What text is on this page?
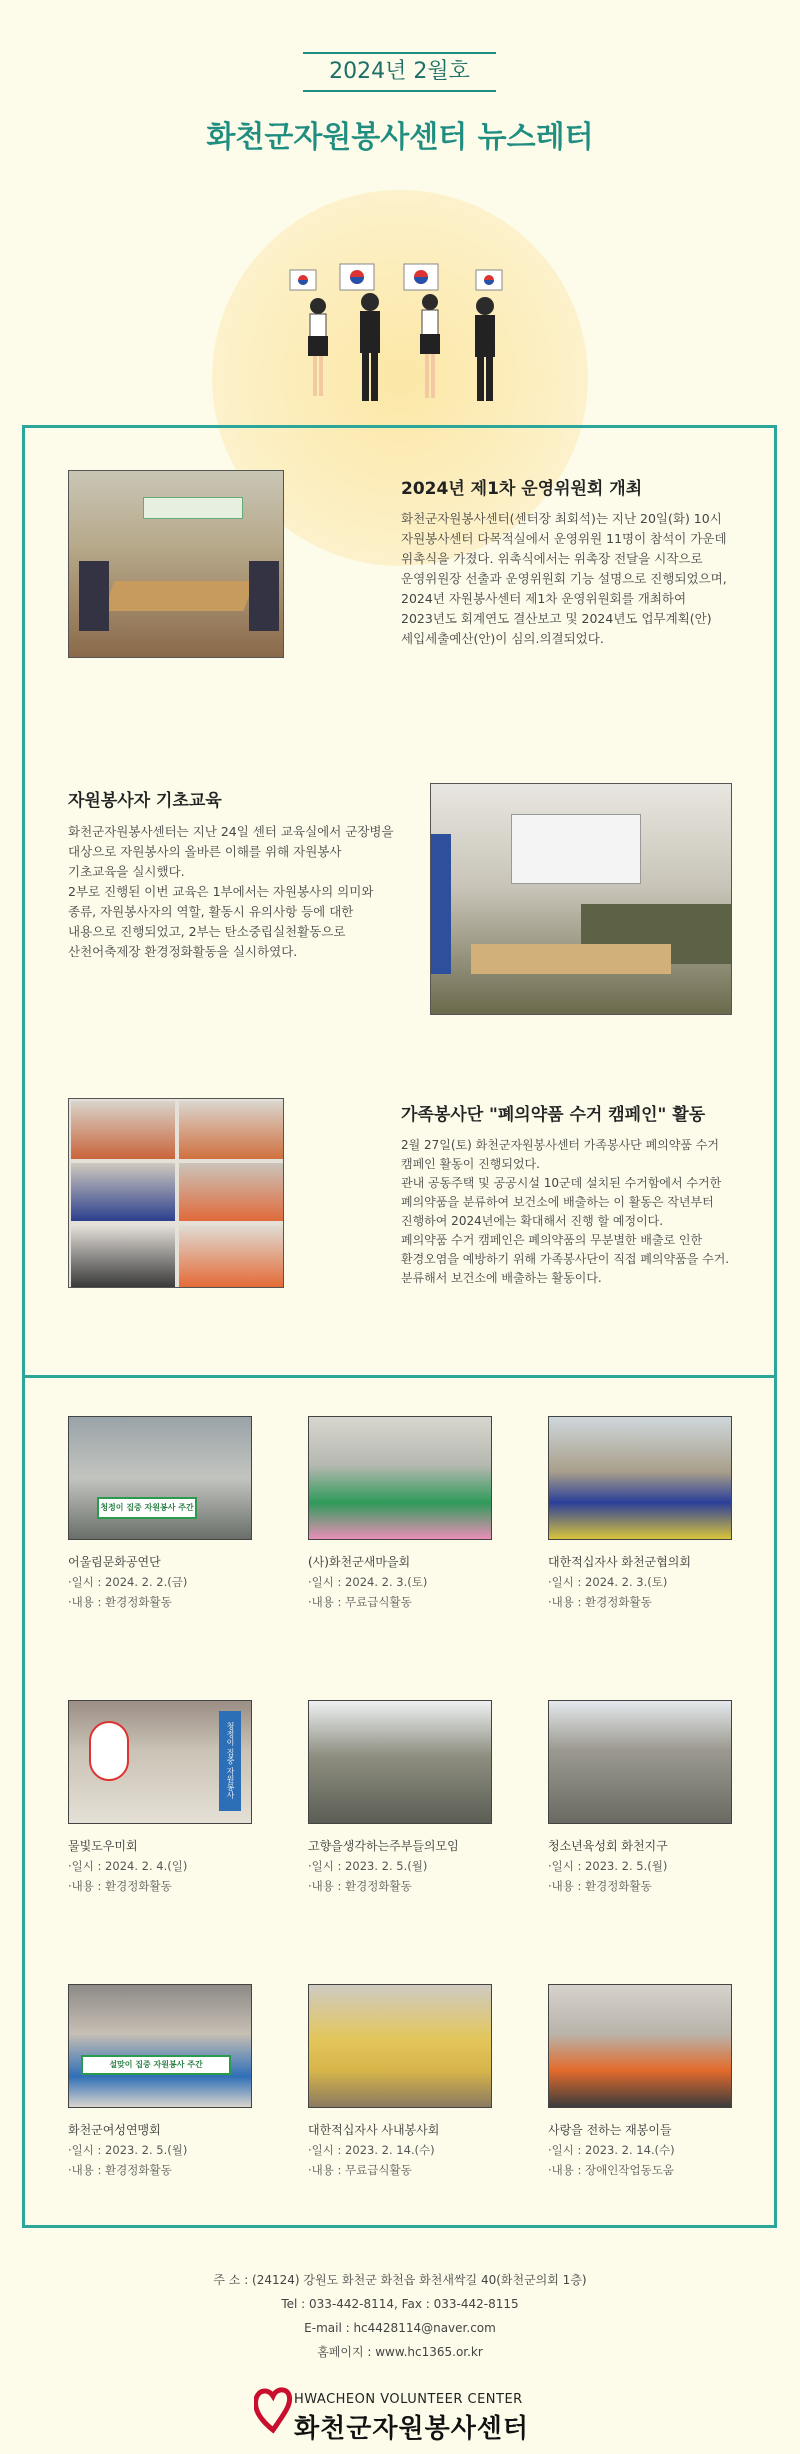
2024년 2월호
화천군자원봉사센터 뉴스레터
2024년 제1차 운영위원회 개최
화천군자원봉사센터(센터장 최회석)는 지난 20일(화) 10시 자원봉사센터 다목적실에서 운영위원 11명이 참석이 가운데 위촉식을 가졌다. 위촉식에서는 위촉장 전달을 시작으로 운영위원장 선출과 운영위원회 기능 설명으로 진행되었으며, 2024년 자원봉사센터 제1차 운영위원회를 개최하여 2023년도 회계연도 결산보고 및 2024년도 업무계획(안) 세입세출예산(안)이 심의.의결되었다.
자원봉사자 기초교육
화천군자원봉사센터는 지난 24일 센터 교육실에서 군장병을 대상으로 자원봉사의 올바른 이해를 위해 자원봉사 기초교육을 실시했다.
2부로 진행된 이번 교육은 1부에서는 자원봉사의 의미와 종류, 자원봉사자의 역할, 활동시 유의사항 등에 대한 내용으로 진행되었고, 2부는 탄소중립실천활동으로 산천어축제장 환경정화활동을 실시하였다.
가족봉사단 "폐의약품 수거 캠페인" 활동
2월 27일(토) 화천군자원봉사센터 가족봉사단 폐의약품 수거 캠페인 활동이 진행되었다.
관내 공동주택 및 공공시설 10군데 설치된 수거함에서 수거한 폐의약품을 분류하여 보건소에 배출하는 이 활동은 작년부터 진행하여 2024년에는 확대해서 진행 할 예정이다.
폐의약품 수거 캠페인은 폐의약품의 무분별한 배출로 인한 환경오염을 예방하기 위해 가족봉사단이 직접 폐의약품을 수거.분류해서 보건소에 배출하는 활동이다.
청정이 집중 자원봉사 주간
어울림문화공연단
·일시 : 2024. 2. 2.(금)
·내용 : 환경정화활동
(사)화천군새마을회
·일시 : 2024. 2. 3.(토)
·내용 : 무료급식활동
대한적십자사 화천군협의회
·일시 : 2024. 2. 3.(토)
·내용 : 환경정화활동
청정이 집중 자원봉사
물빛도우미회
·일시 : 2024. 2. 4.(일)
·내용 : 환경정화활동
고향을생각하는주부들의모임
·일시 : 2023. 2. 5.(월)
·내용 : 환경정화활동
청소년육성회 화천지구
·일시 : 2023. 2. 5.(월)
·내용 : 환경정화활동
설맞이 집중 자원봉사 주간
화천군여성연맹회
·일시 : 2023. 2. 5.(월)
·내용 : 환경정화활동
대한적십자사 사내봉사회
·일시 : 2023. 2. 14.(수)
·내용 : 무료급식활동
사랑을 전하는 재봉이들
·일시 : 2023. 2. 14.(수)
·내용 : 장애인작업동도움
주 소 : (24124) 강원도 화천군 화천읍 화천새싹길 40(화천군의회 1층)
Tel : 033-442-8114, Fax : 033-442-8115
E-mail : hc4428114@naver.com
홈페이지 : www.hc1365.or.kr
HWACHEON VOLUNTEER CENTER
화천군자원봉사센터
